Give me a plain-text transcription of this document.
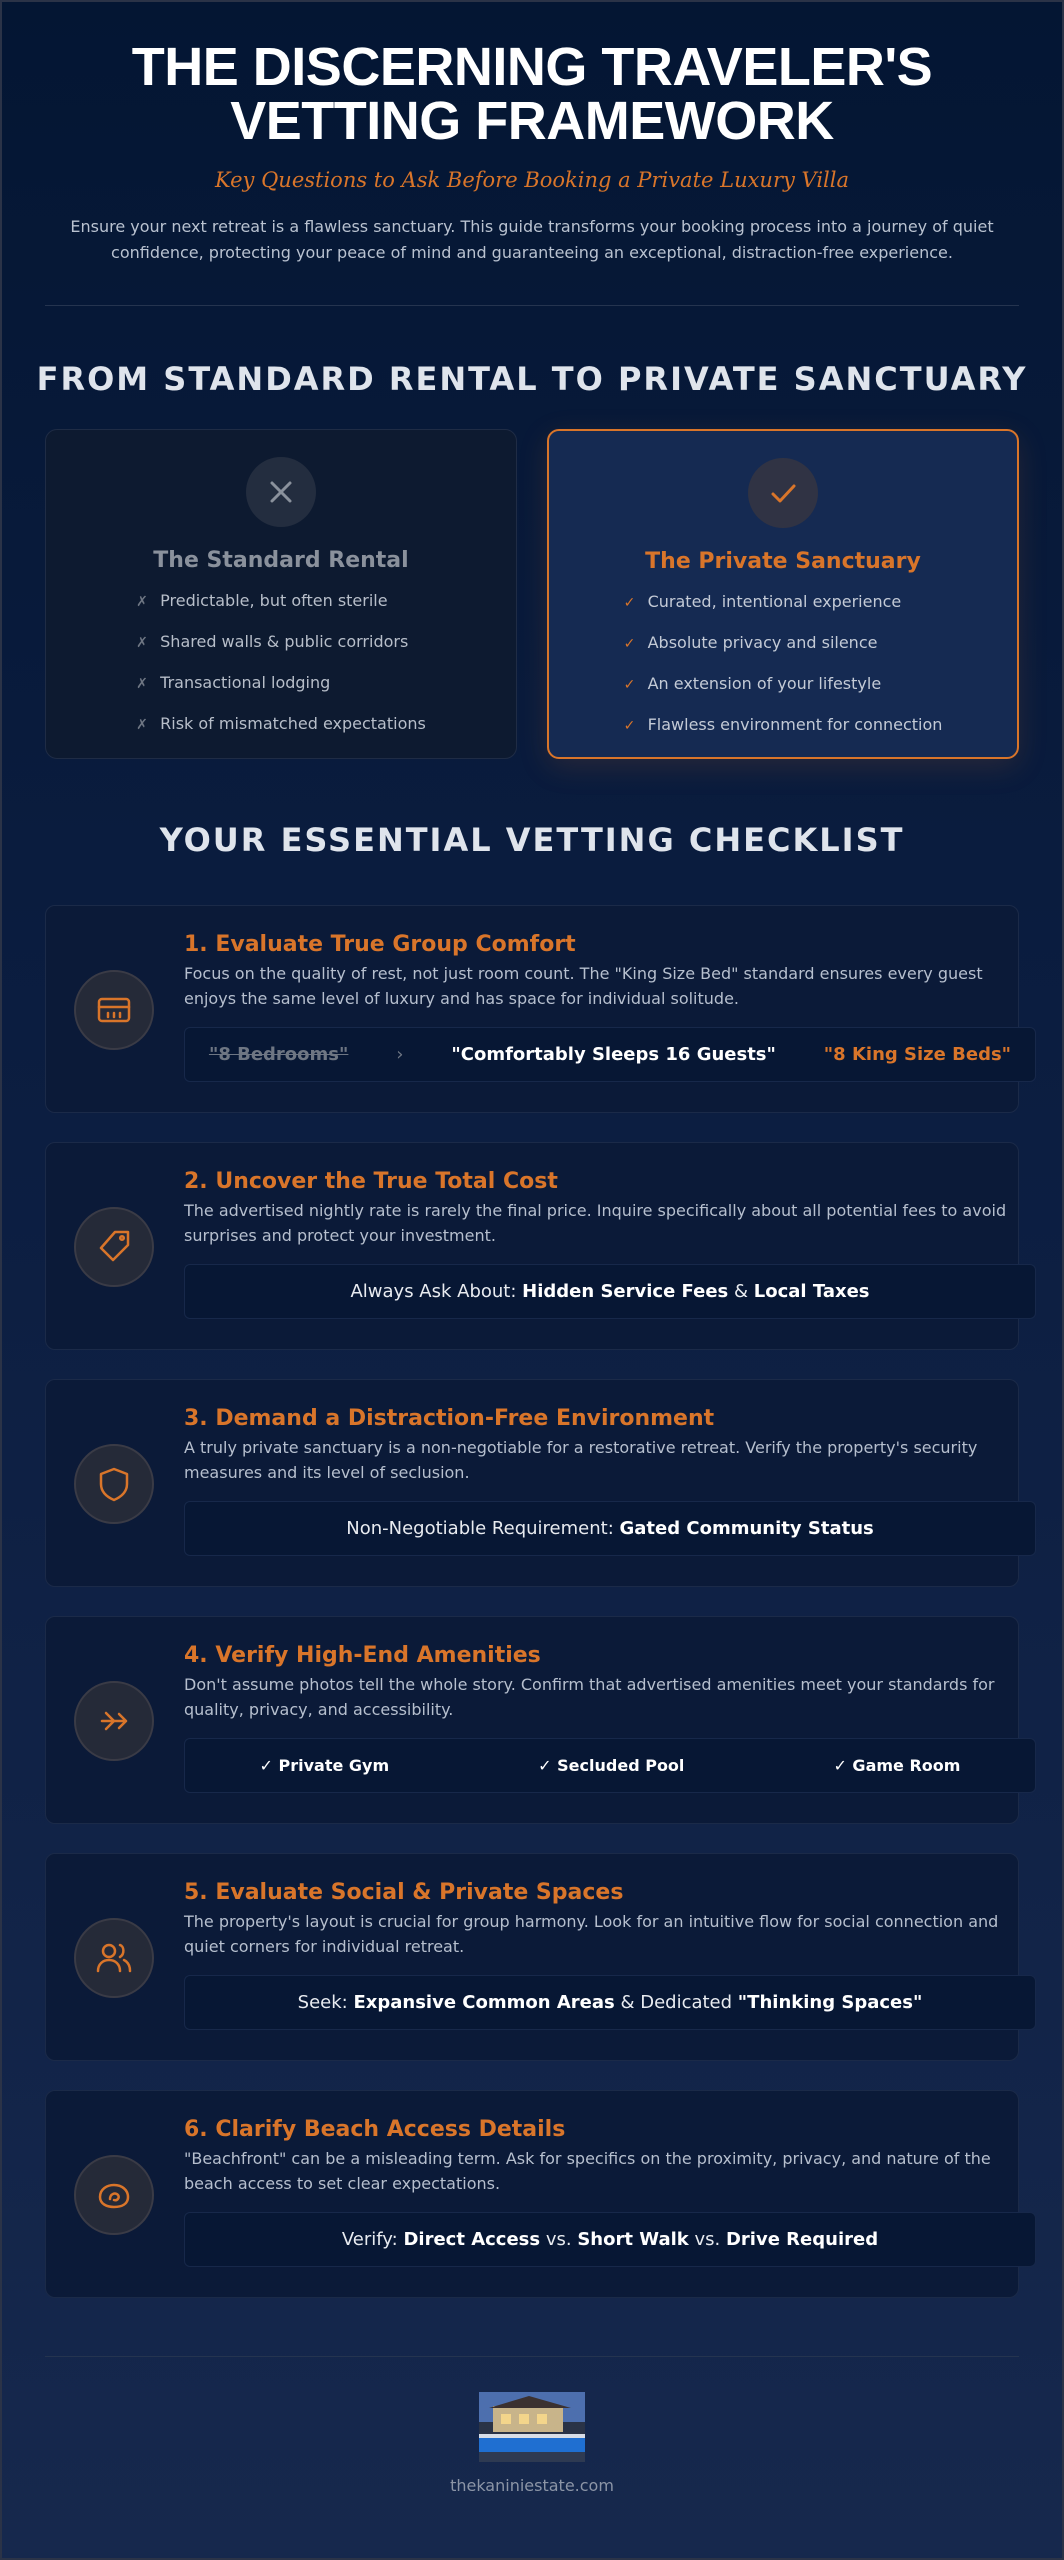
THE DISCERNING TRAVELER'S
VETTING FRAMEWORK
Key Questions to Ask Before Booking a Private Luxury Villa

Ensure your next retreat is a flawless sanctuary. This guide transforms your booking process into a journey of quiet confidence, protecting your peace of mind and guaranteeing an exceptional, distraction-free experience.

FROM STANDARD RENTAL TO PRIVATE SANCTUARY
The Standard Rental
✗ Predictable, but often sterile
✗ Shared walls & public corridors
✗ Transactional lodging
✗ Risk of mismatched expectations
The Private Sanctuary
✓ Curated, intentional experience
✓ Absolute privacy and silence
✓ An extension of your lifestyle
✓ Flawless environment for connection
YOUR ESSENTIAL VETTING CHECKLIST
1. Evaluate True Group Comfort

Focus on the quality of rest, not just room count. The "King Size Bed" standard ensures every guest enjoys the same level of luxury and has space for individual solitude.

"8 Bedrooms"	›	"Comfortably Sleeps 16 Guests"	"8 King Size Beds"
2. Uncover the True Total Cost

The advertised nightly rate is rarely the final price. Inquire specifically about all potential fees to avoid surprises and protect your investment.

Always Ask About:
Hidden Service Fees
&
Local Taxes
3. Demand a Distraction-Free Environment

A truly private sanctuary is a non-negotiable for a restorative retreat. Verify the property's security measures and its level of seclusion.

Non-Negotiable Requirement:
Gated Community Status
4. Verify High-End Amenities

Don't assume photos tell the whole story. Confirm that advertised amenities meet your standards for quality, privacy, and accessibility.

✓ Private Gym	✓ Secluded Pool	✓ Game Room
5. Evaluate Social & Private Spaces

The property's layout is crucial for group harmony. Look for an intuitive flow for social connection and quiet corners for individual retreat.

Seek:
Expansive Common Areas
& Dedicated
"Thinking Spaces"
6. Clarify Beach Access Details

"Beachfront" can be a misleading term. Ask for specifics on the proximity, privacy, and nature of the beach access to set clear expectations.

Verify:
Direct Access
vs.
Short Walk
vs.
Drive Required
thekaniniestate.com
